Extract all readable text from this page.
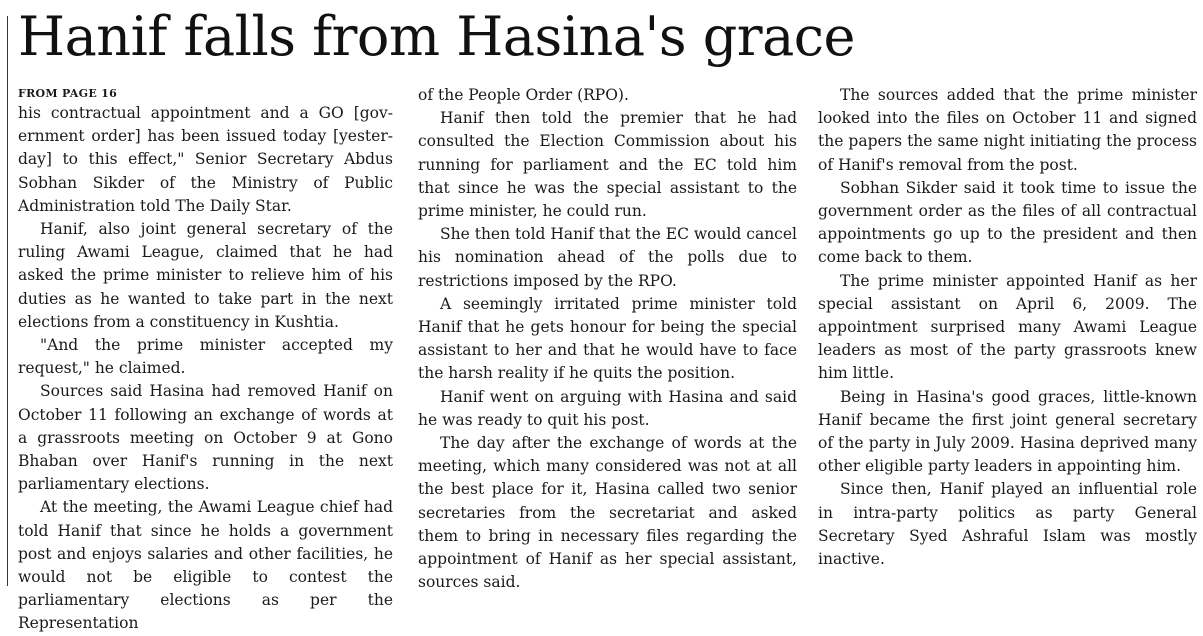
Hanif falls from Hasina's grace
FROM PAGE 16

his contractual appointment and a GO [government order] has been issued today [yesterday] to this effect," Senior Secretary Abdus Sobhan Sikder of the Ministry of Public Administration told The Daily Star.

Hanif, also joint general secretary of the ruling Awami League, claimed that he had asked the prime minister to relieve him of his duties as he wanted to take part in the next elections from a constituency in Kushtia.

"And the prime minister accepted my request," he claimed.

Sources said Hasina had removed Hanif on October 11 following an exchange of words at a grassroots meeting on October 9 at Gono Bhaban over Hanif's running in the next parliamentary elections.

At the meeting, the Awami League chief had told Hanif that since he holds a government post and enjoys salaries and other facilities, he would not be eligible to contest the parliamentary elections as per the Representation

of the People Order (RPO).

Hanif then told the premier that he had consulted the Election Commission about his running for parliament and the EC told him that since he was the special assistant to the prime minister, he could run.

She then told Hanif that the EC would cancel his nomination ahead of the polls due to restrictions imposed by the RPO.

A seemingly irritated prime minister told Hanif that he gets honour for being the special assistant to her and that he would have to face the harsh reality if he quits the position.

Hanif went on arguing with Hasina and said he was ready to quit his post.

The day after the exchange of words at the meeting, which many considered was not at all the best place for it, Hasina called two senior secretaries from the secretariat and asked them to bring in necessary files regarding the appointment of Hanif as her special assistant, sources said.

The sources added that the prime minister looked into the files on October 11 and signed the papers the same night initiating the process of Hanif's removal from the post.

Sobhan Sikder said it took time to issue the government order as the files of all contractual appointments go up to the president and then come back to them.

The prime minister appointed Hanif as her special assistant on April 6, 2009. The appointment surprised many Awami League leaders as most of the party grassroots knew him little.

Being in Hasina's good graces, little-known Hanif became the first joint general secretary of the party in July 2009. Hasina deprived many other eligible party leaders in appointing him.

Since then, Hanif played an influential role in intra-party politics as party General Secretary Syed Ashraful Islam was mostly inactive.
